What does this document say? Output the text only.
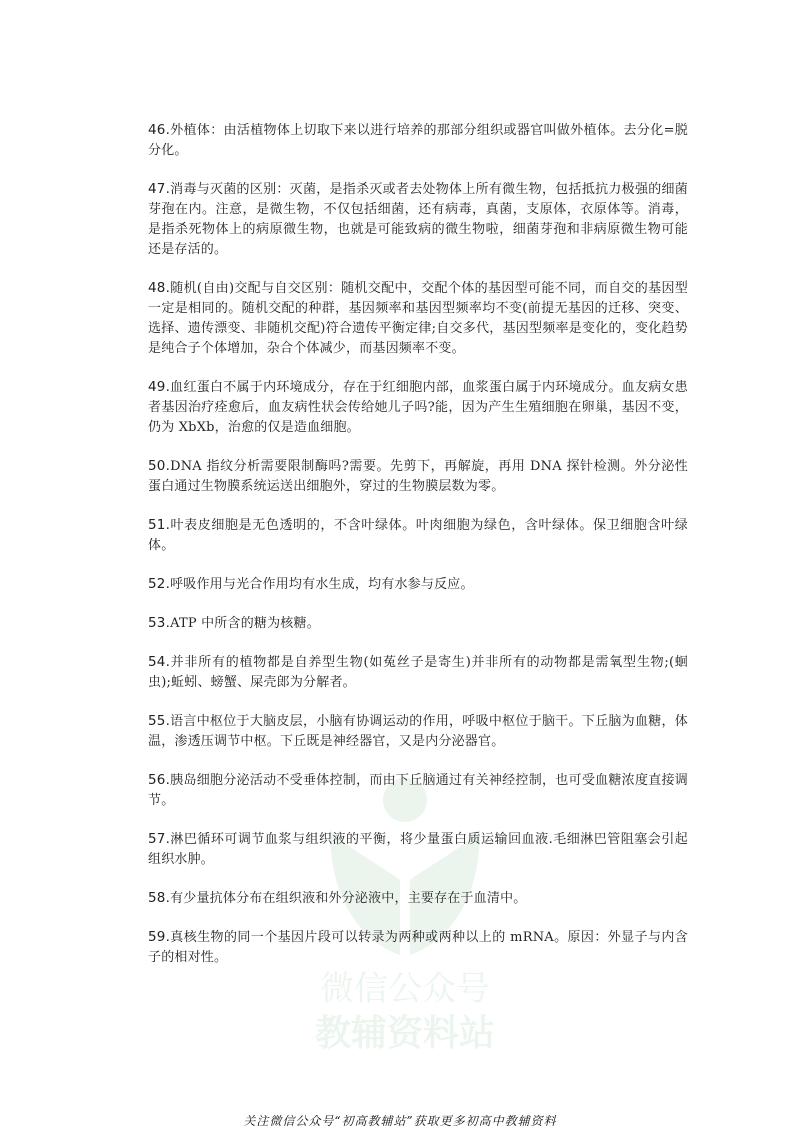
微信公众号
教辅资料站

46.外植体：由活植物体上切取下来以进行培养的那部分组织或器官叫做外植体。去分化=脱分化。

47.消毒与灭菌的区别：灭菌，是指杀灭或者去处物体上所有微生物，包括抵抗力极强的细菌芽孢在内。注意，是微生物，不仅包括细菌，还有病毒，真菌，支原体，衣原体等。消毒，是指杀死物体上的病原微生物，也就是可能致病的微生物啦，细菌芽孢和非病原微生物可能还是存活的。

48.随机(自由)交配与自交区别：随机交配中，交配个体的基因型可能不同，而自交的基因型一定是相同的。随机交配的种群，基因频率和基因型频率均不变(前提无基因的迁移、突变、选择、遗传漂变、非随机交配)符合遗传平衡定律;自交多代，基因型频率是变化的，变化趋势是纯合子个体增加，杂合个体减少，而基因频率不变。

49.血红蛋白不属于内环境成分，存在于红细胞内部，血浆蛋白属于内环境成分。血友病女患者基因治疗痊愈后，血友病性状会传给她儿子吗?能，因为产生生殖细胞在卵巢，基因不变，仍为 XbXb，治愈的仅是造血细胞。

50.DNA 指纹分析需要限制酶吗?需要。先剪下，再解旋，再用 DNA 探针检测。外分泌性蛋白通过生物膜系统运送出细胞外，穿过的生物膜层数为零。

51.叶表皮细胞是无色透明的，不含叶绿体。叶肉细胞为绿色，含叶绿体。保卫细胞含叶绿体。

52.呼吸作用与光合作用均有水生成，均有水参与反应。

53.ATP 中所含的糖为核糖。

54.并非所有的植物都是自养型生物(如菟丝子是寄生)并非所有的动物都是需氧型生物;(蛔虫);蚯蚓、螃蟹、屎壳郎为分解者。

55.语言中枢位于大脑皮层，小脑有协调运动的作用，呼吸中枢位于脑干。下丘脑为血糖，体温，渗透压调节中枢。下丘既是神经器官，又是内分泌器官。

56.胰岛细胞分泌活动不受垂体控制，而由下丘脑通过有关神经控制，也可受血糖浓度直接调节。

57.淋巴循环可调节血浆与组织液的平衡，将少量蛋白质运输回血液.毛细淋巴管阻塞会引起组织水肿。

58.有少量抗体分布在组织液和外分泌液中，主要存在于血清中。

59.真核生物的同一个基因片段可以转录为两种或两种以上的 mRNA。原因：外显子与内含子的相对性。

关注微信公众号“初高教辅站”获取更多初高中教辅资料
